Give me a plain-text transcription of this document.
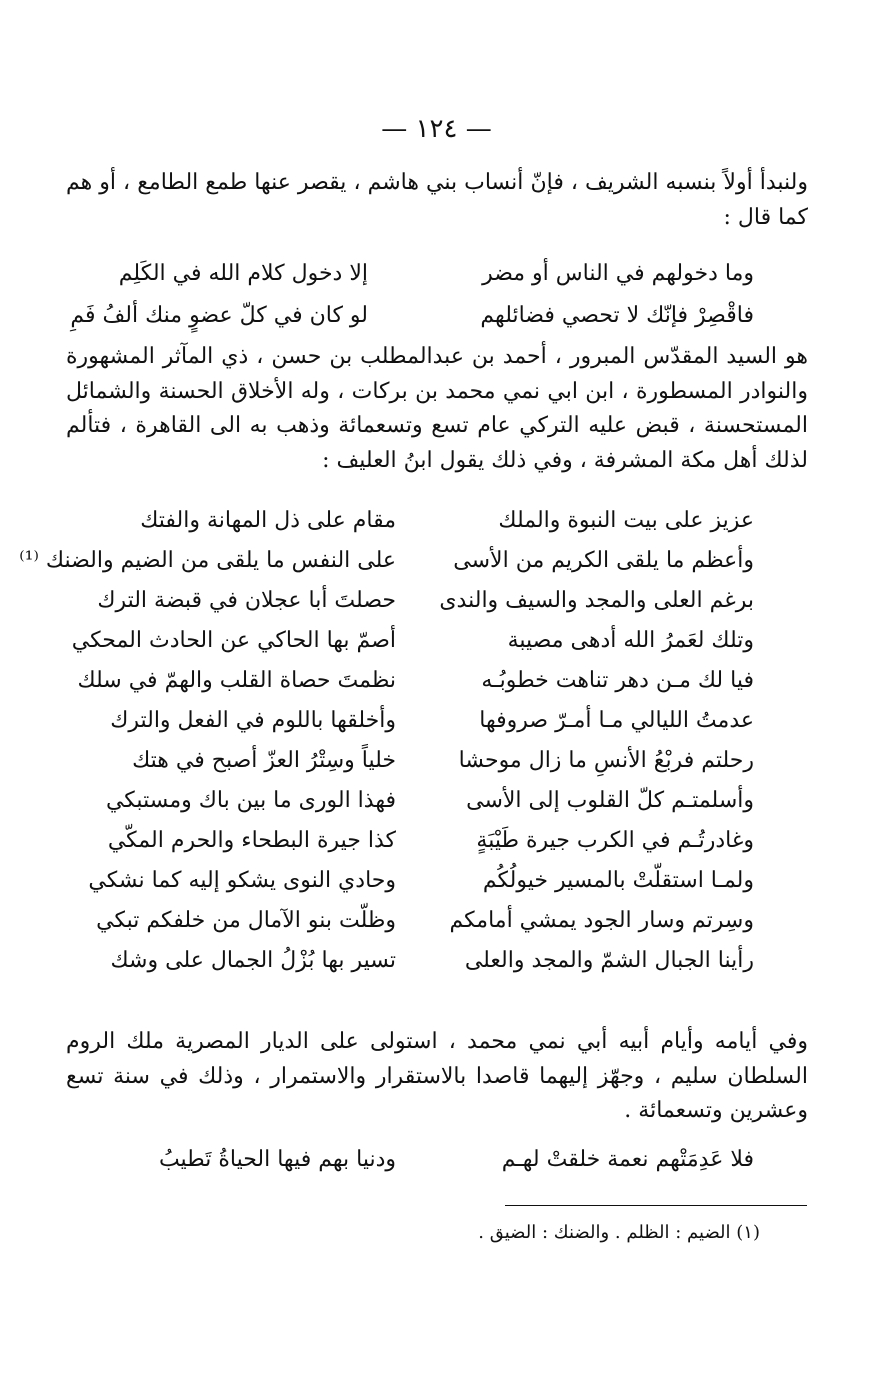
— ١٢٤ —

ولنبدأ أولاً بنسبه الشريف ، فإنّ أنساب بني هاشم ، يقصر عنها طمع الطامع ، أو هم كما قال :

وما دخولهم في الناس أو مضر
إلا دخول كلام الله في الكَلِم
فاقْصِرْ فإنّك لا تحصي فضائلهم
لو كان في كلّ عضوٍ منك ألفُ فَمِ

هو السيد المقدّس المبرور ، أحمد بن عبدالمطلب بن حسن ، ذي المآثر المشهورة والنوادر المسطورة ، ابن ابي نمي محمد بن بركات ، وله الأخلاق الحسنة والشمائل المستحسنة ، قبض عليه التركي عام تسع وتسعمائة وذهب به الى القاهرة ، فتألم لذلك أهل مكة المشرفة ، وفي ذلك يقول ابنُ العليف :

عزيز على بيت النبوة والملك
مقام على ذل المهانة والفتك
وأعظم ما يلقى الكريم من الأسى
على النفس ما يلقى من الضيم والضنك ⁽¹⁾
برغم العلى والمجد والسيف والندى
حصلتَ أبا عجلان في قبضة الترك
وتلك لعَمرُ الله أدهى مصيبة
أصمّ بها الحاكي عن الحادث المحكي
فيا لك مـن دهر تناهت خطوبُـه
نظمتَ حصاة القلب والهمّ في سلك
عدمتُ الليالي مـا أمـرّ صروفها
وأخلقها باللوم في الفعل والترك
رحلتم فربْعُ الأنسِ ما زال موحشا
خلياً وسِتْرُ العزّ أصبح في هتك
وأسلمتـم كلّ القلوب إلى الأسى
فهذا الورى ما بين باك ومستبكي
وغادرتُـم في الكرب جيرة طَيْبَةٍ
كذا جيرة البطحاء والحرم المكّي
ولمـا استقلّتْ بالمسير خيولُكُم
وحادي النوى يشكو إليه كما نشكي
وسِرتم وسار الجود يمشي أمامكم
وظلّت بنو الآمال من خلفكم تبكي
رأينا الجبال الشمّ والمجد والعلى
تسير بها بُزْلُ الجمال على وشك

وفي أيامه وأيام أبيه أبي نمي محمد ، استولى على الديار المصرية ملك الروم السلطان سليم ، وجهّز إليهما قاصدا بالاستقرار والاستمرار ، وذلك في سنة تسع وعشرين وتسعمائة .

فلا عَدِمَتْهم نعمة خلقتْ لهـم
ودنيا بهم فيها الحياةُ تَطيبُ
(١) الضيم : الظلم . والضنك : الضيق .
